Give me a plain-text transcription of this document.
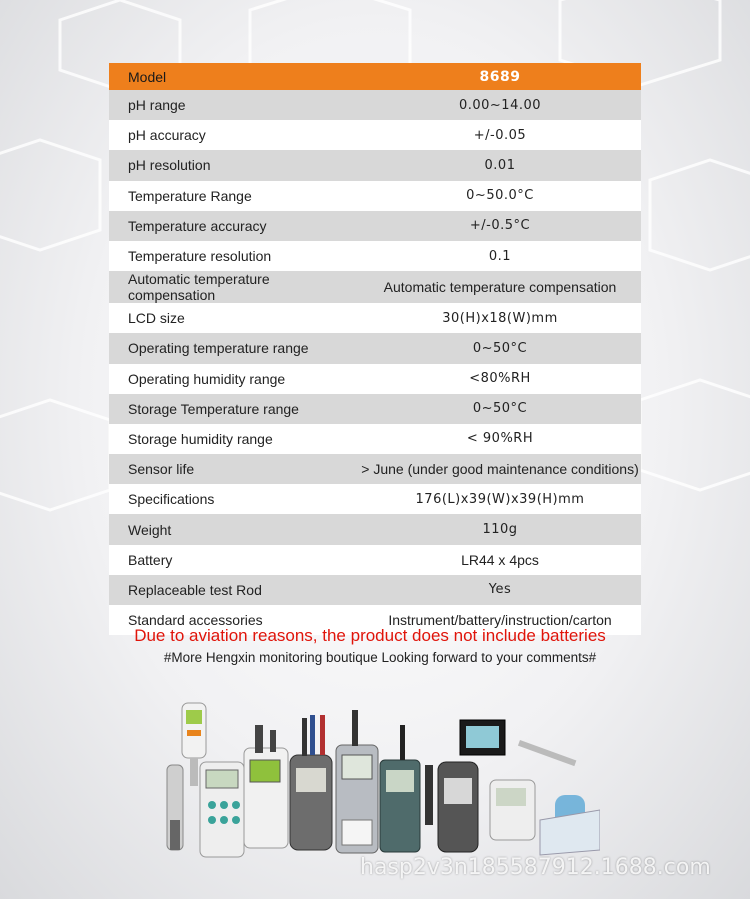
Model	8689
pH range	0.00~14.00
pH accuracy	+/-0.05
pH resolution	0.01
Temperature Range	0~50.0°C
Temperature accuracy	+/-0.5°C
Temperature resolution	0.1
Automatic temperature compensation	Automatic temperature compensation
LCD size	30(H)x18(W)mm
Operating temperature range	0~50°C
Operating humidity range	<80%RH
Storage Temperature range	0~50°C
Storage humidity range	< 90%RH
Sensor life	> June (under good maintenance conditions)
Specifications	176(L)x39(W)x39(H)mm
Weight	110g
Battery	LR44 x 4pcs
Replaceable test Rod	Yes
Standard accessories	Instrument/battery/instruction/carton
Due to aviation reasons, the product does not include batteries
#More Hengxin monitoring boutique Looking forward to your comments#
hasp2v3n185587912.1688.com
